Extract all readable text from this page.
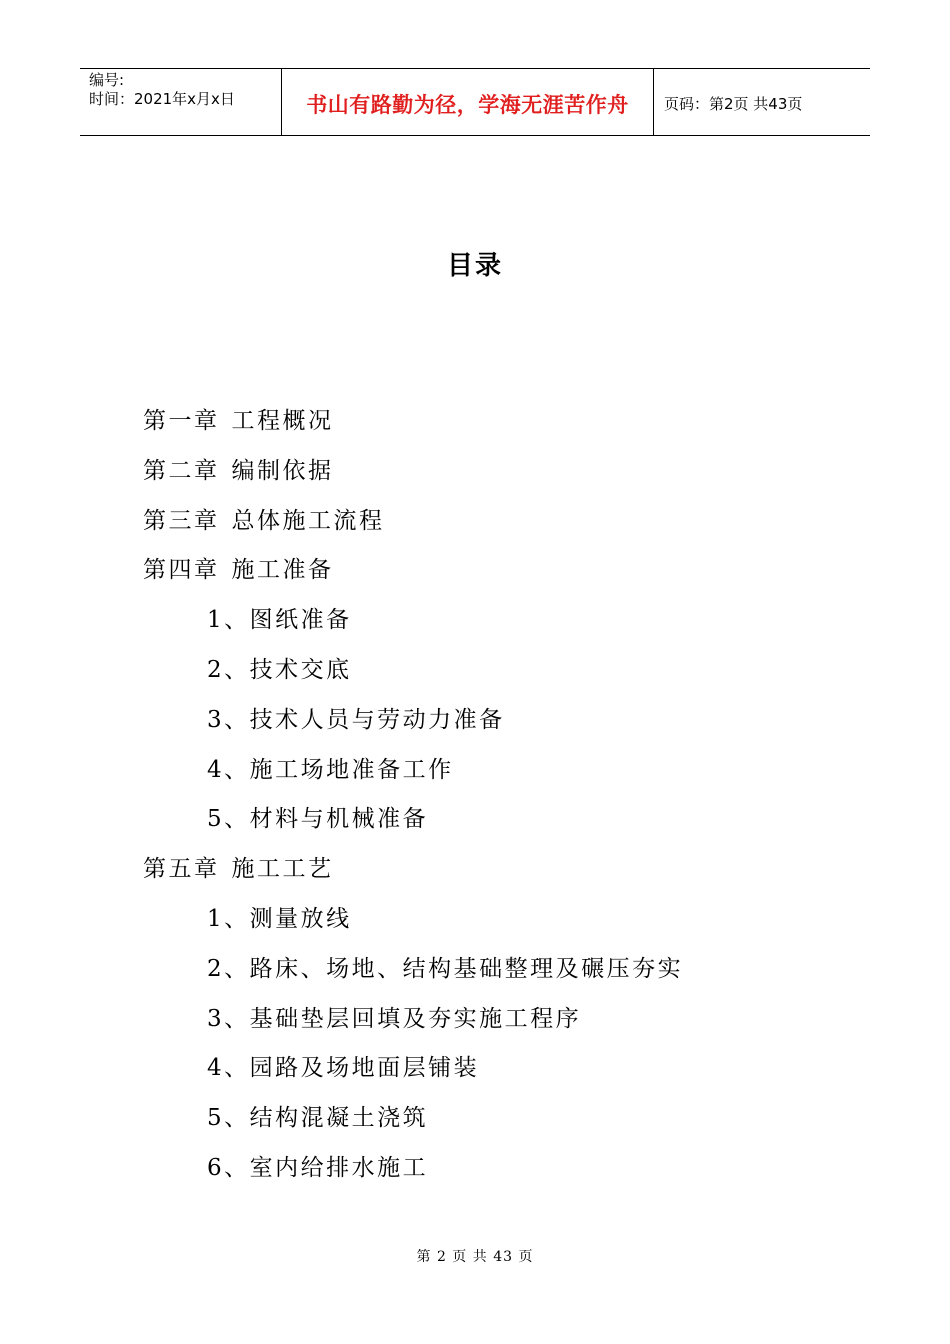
编号:
时间：2021年x月x日	书山有路勤为径，学海无涯苦作舟 页码：第2页 共43页
目录
第一章 工程概况
第二章 编制依据
第三章 总体施工流程
第四章 施工准备
1、图纸准备
2、技术交底
3、技术人员与劳动力准备
4、施工场地准备工作
5、材料与机械准备
第五章 施工工艺
1、测量放线
2、路床、场地、结构基础整理及碾压夯实
3、基础垫层回填及夯实施工程序
4、园路及场地面层铺装
5、结构混凝土浇筑
6、室内给排水施工
第 2 页 共 43 页
